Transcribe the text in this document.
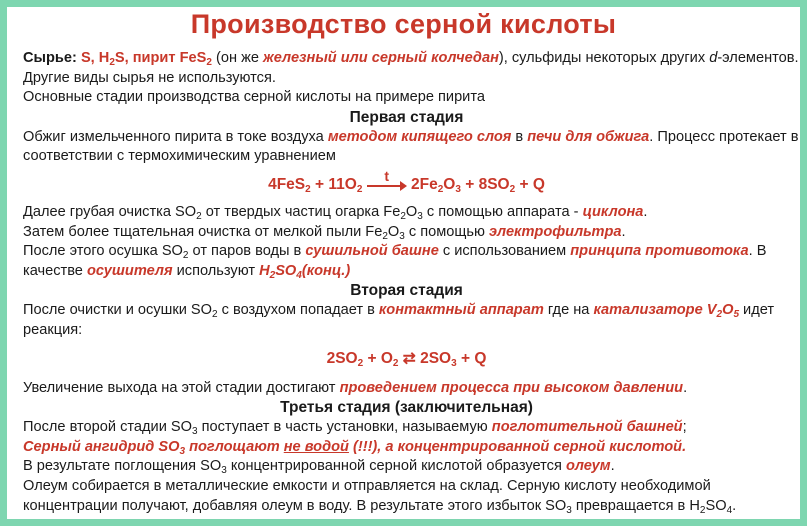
Производство серной кислоты
Сырье: S, $H_2S$, пирит FeS$_2$ (он же железный или серный колчедан), сульфиды некоторых других d-элементов.
Другие виды сырья не используются.
Основные стадии производства серной кислоты на примере пирита
Первая стадия
Обжиг измельченного пирита в токе воздуха методом кипящего слоя в печи для обжига. Процесс протекает в
соответствии с термохимическим уравнением
$4FeS_2 + 11O_2$
t
$2Fe_2O_3 + 8SO_2 + Q$
Далее грубая очистка $SO_2$ от твердых частиц огарка $Fe_2O_3$ с помощью аппарата - циклона.
Затем более тщательная очистка от мелкой пыли $Fe_2O_3$ с помощью электрофильтра.
После этого осушка $SO_2$ от паров воды в сушильной башне с использованием принципа противотока. В
качестве осушителя используют $H_2SO_4(конц.)$
Вторая стадия
После очистки и осушки $SO_2$ с воздухом попадает в контактный аппарат где на катализаторе $V_2O_5$ идет
реакция:
$2SO_2 + O_2$ ⇄ $2SO_3 + Q$
Увеличение выхода на этой стадии достигают проведением процесса при высоком давлении.
Третья стадия (заключительная)
После второй стадии $SO_3$ поступает в часть установки, называемую поглотительной башней;
Серный ангидрид $SO_3$ поглощают не водой (!!!), а концентрированной серной кислотой.
В результате поглощения $SO_3$ концентрированной серной кислотой образуется олеум.
Олеум собирается в металлические емкости и отправляется на склад. Серную кислоту необходимой
концентрации получают, добавляя олеум в воду. В результате этого избыток $SO_3$ превращается в $H_2SO_4$.
